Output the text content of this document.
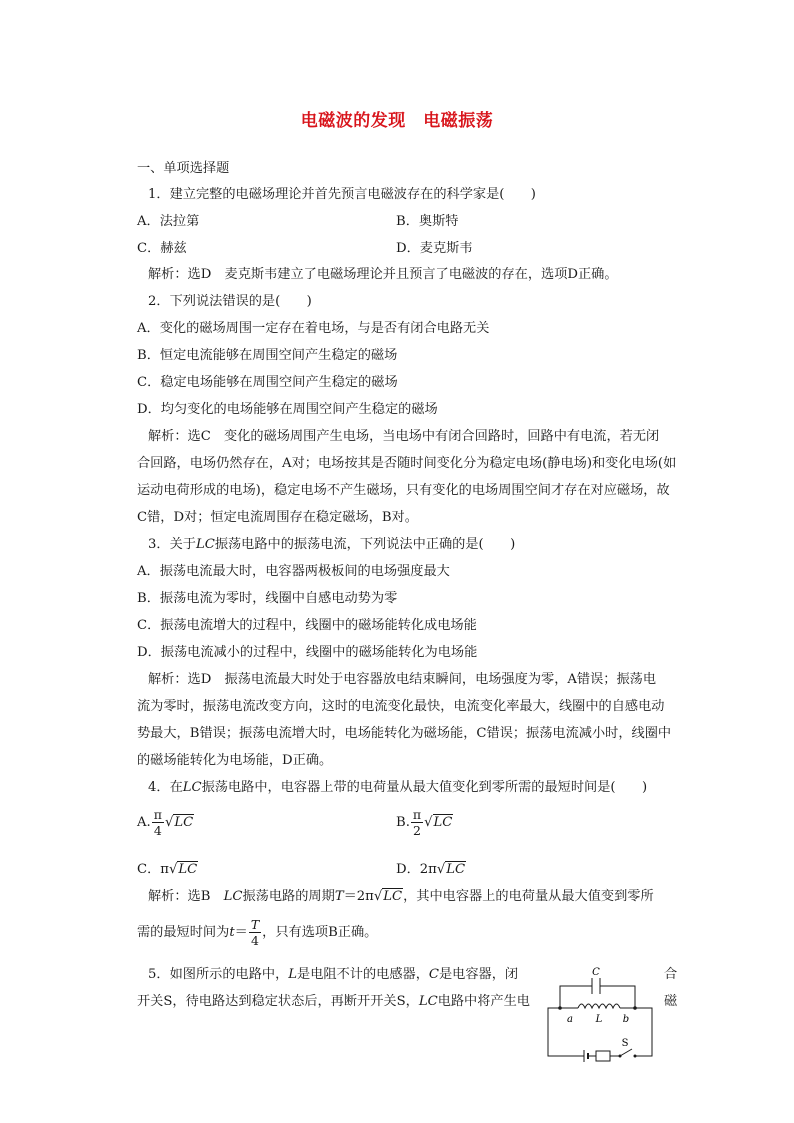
电磁波的发现　电磁振荡
一、单项选择题
1．建立完整的电磁场理论并首先预言电磁波存在的科学家是(　　)
A．法拉第	B．奥斯特
C．赫兹	D．麦克斯韦
解析：选D　麦克斯韦建立了电磁场理论并且预言了电磁波的存在，选项D正确。
2．下列说法错误的是(　　)
A．变化的磁场周围一定存在着电场，与是否有闭合电路无关
B．恒定电流能够在周围空间产生稳定的磁场
C．稳定电场能够在周围空间产生稳定的磁场
D．均匀变化的电场能够在周围空间产生稳定的磁场
解析：选C　变化的磁场周围产生电场，当电场中有闭合回路时，回路中有电流，若无闭
合回路，电场仍然存在，A对；电场按其是否随时间变化分为稳定电场(静电场)和变化电场(如
运动电荷形成的电场)，稳定电场不产生磁场，只有变化的电场周围空间才存在对应磁场，故
C错，D对；恒定电流周围存在稳定磁场，B对。
3．关于LC振荡电路中的振荡电流，下列说法中正确的是(　　)
A．振荡电流最大时，电容器两极板间的电场强度最大
B．振荡电流为零时，线圈中自感电动势为零
C．振荡电流增大的过程中，线圈中的磁场能转化成电场能
D．振荡电流减小的过程中，线圈中的磁场能转化为电场能
解析：选D　振荡电流最大时处于电容器放电结束瞬间，电场强度为零，A错误；振荡电
流为零时，振荡电流改变方向，这时的电流变化最快，电流变化率最大，线圈中的自感电动
势最大，B错误；振荡电流增大时，电场能转化为磁场能，C错误；振荡电流减小时，线圈中
的磁场能转化为电场能，D正确。
4．在LC振荡电路中，电容器上带的电荷量从最大值变化到零所需的最短时间是(　　)
A. $\frac{\pi}{4} √LC$	B. $\frac{\pi}{2} √LC$
C．π√LC	D．2π√LC
解析：选B　LC振荡电路的周期T＝2π√LC，其中电容器上的电荷量从最大值变到零所
需的最短时间为$t= \frac{T}{4}$ ，只有选项B正确。
5．如图所示的电路中，L是电阻不计的电感器，C是电容器，闭	合
开关S，待电路达到稳定状态后，再断开开关S，LC电路中将产生电	磁
C
a L b
S
